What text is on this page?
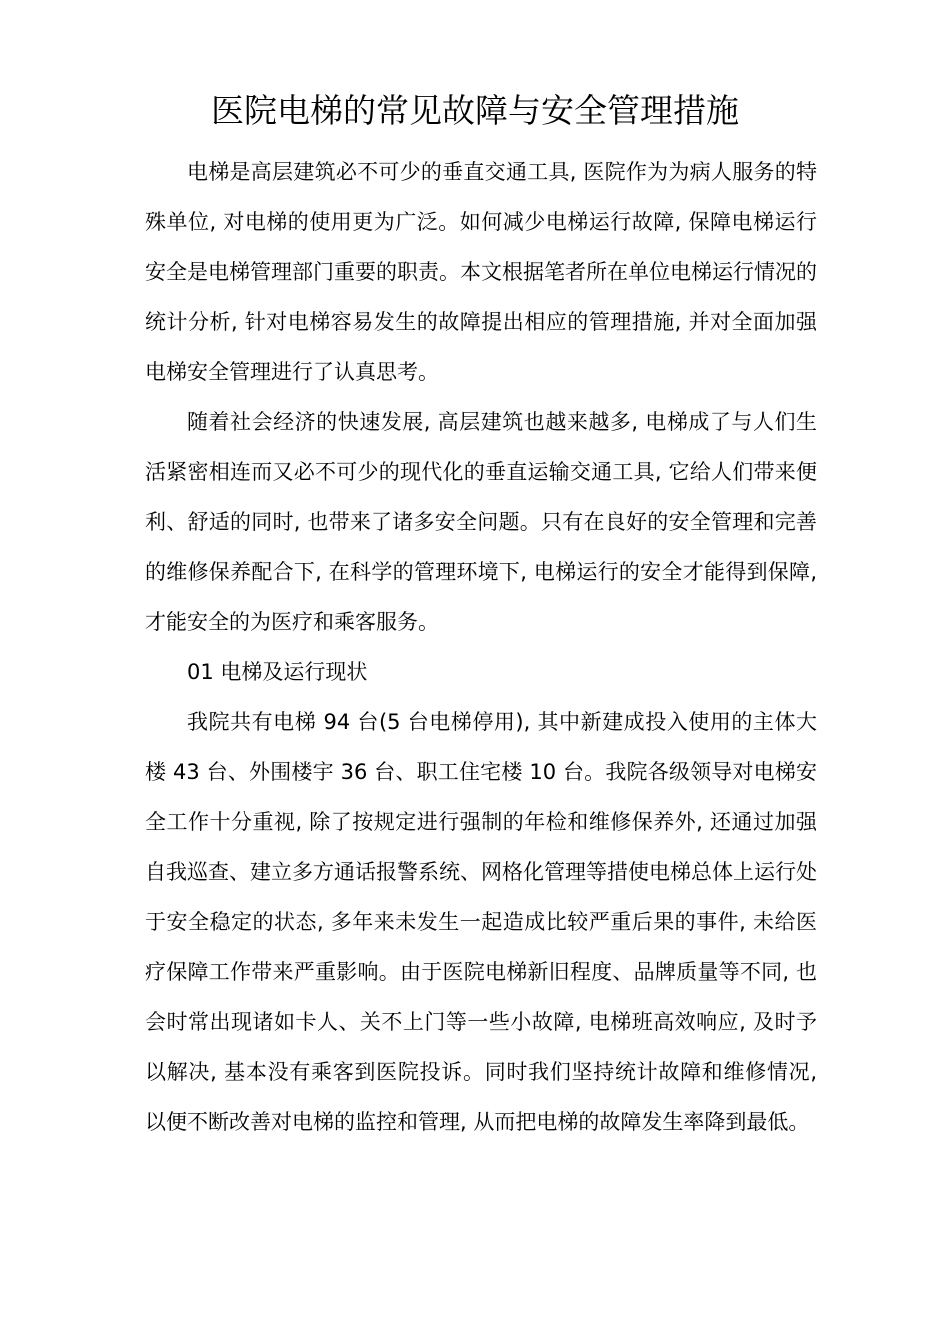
医院电梯的常见故障与安全管理措施

电梯是高层建筑必不可少的垂直交通工具, 医院作为为病人服务的特殊单位, 对电梯的使用更为广泛。如何减少电梯运行故障, 保障电梯运行安全是电梯管理部门重要的职责。本文根据笔者所在单位电梯运行情况的统计分析, 针对电梯容易发生的故障提出相应的管理措施, 并对全面加强电梯安全管理进行了认真思考。

随着社会经济的快速发展, 高层建筑也越来越多, 电梯成了与人们生活紧密相连而又必不可少的现代化的垂直运输交通工具, 它给人们带来便利、舒适的同时, 也带来了诸多安全问题。只有在良好的安全管理和完善的维修保养配合下, 在科学的管理环境下, 电梯运行的安全才能得到保障, 才能安全的为医疗和乘客服务。

01 电梯及运行现状

我院共有电梯 94 台(5 台电梯停用), 其中新建成投入使用的主体大楼 43 台、外围楼宇 36 台、职工住宅楼 10 台。我院各级领导对电梯安全工作十分重视, 除了按规定进行强制的年检和维修保养外, 还通过加强自我巡查、建立多方通话报警系统、网格化管理等措使电梯总体上运行处于安全稳定的状态, 多年来未发生一起造成比较严重后果的事件, 未给医疗保障工作带来严重影响。由于医院电梯新旧程度、品牌质量等不同, 也会时常出现诸如卡人、关不上门等一些小故障, 电梯班高效响应, 及时予以解决, 基本没有乘客到医院投诉。同时我们坚持统计故障和维修情况, 以便不断改善对电梯的监控和管理, 从而把电梯的故障发生率降到最低。
